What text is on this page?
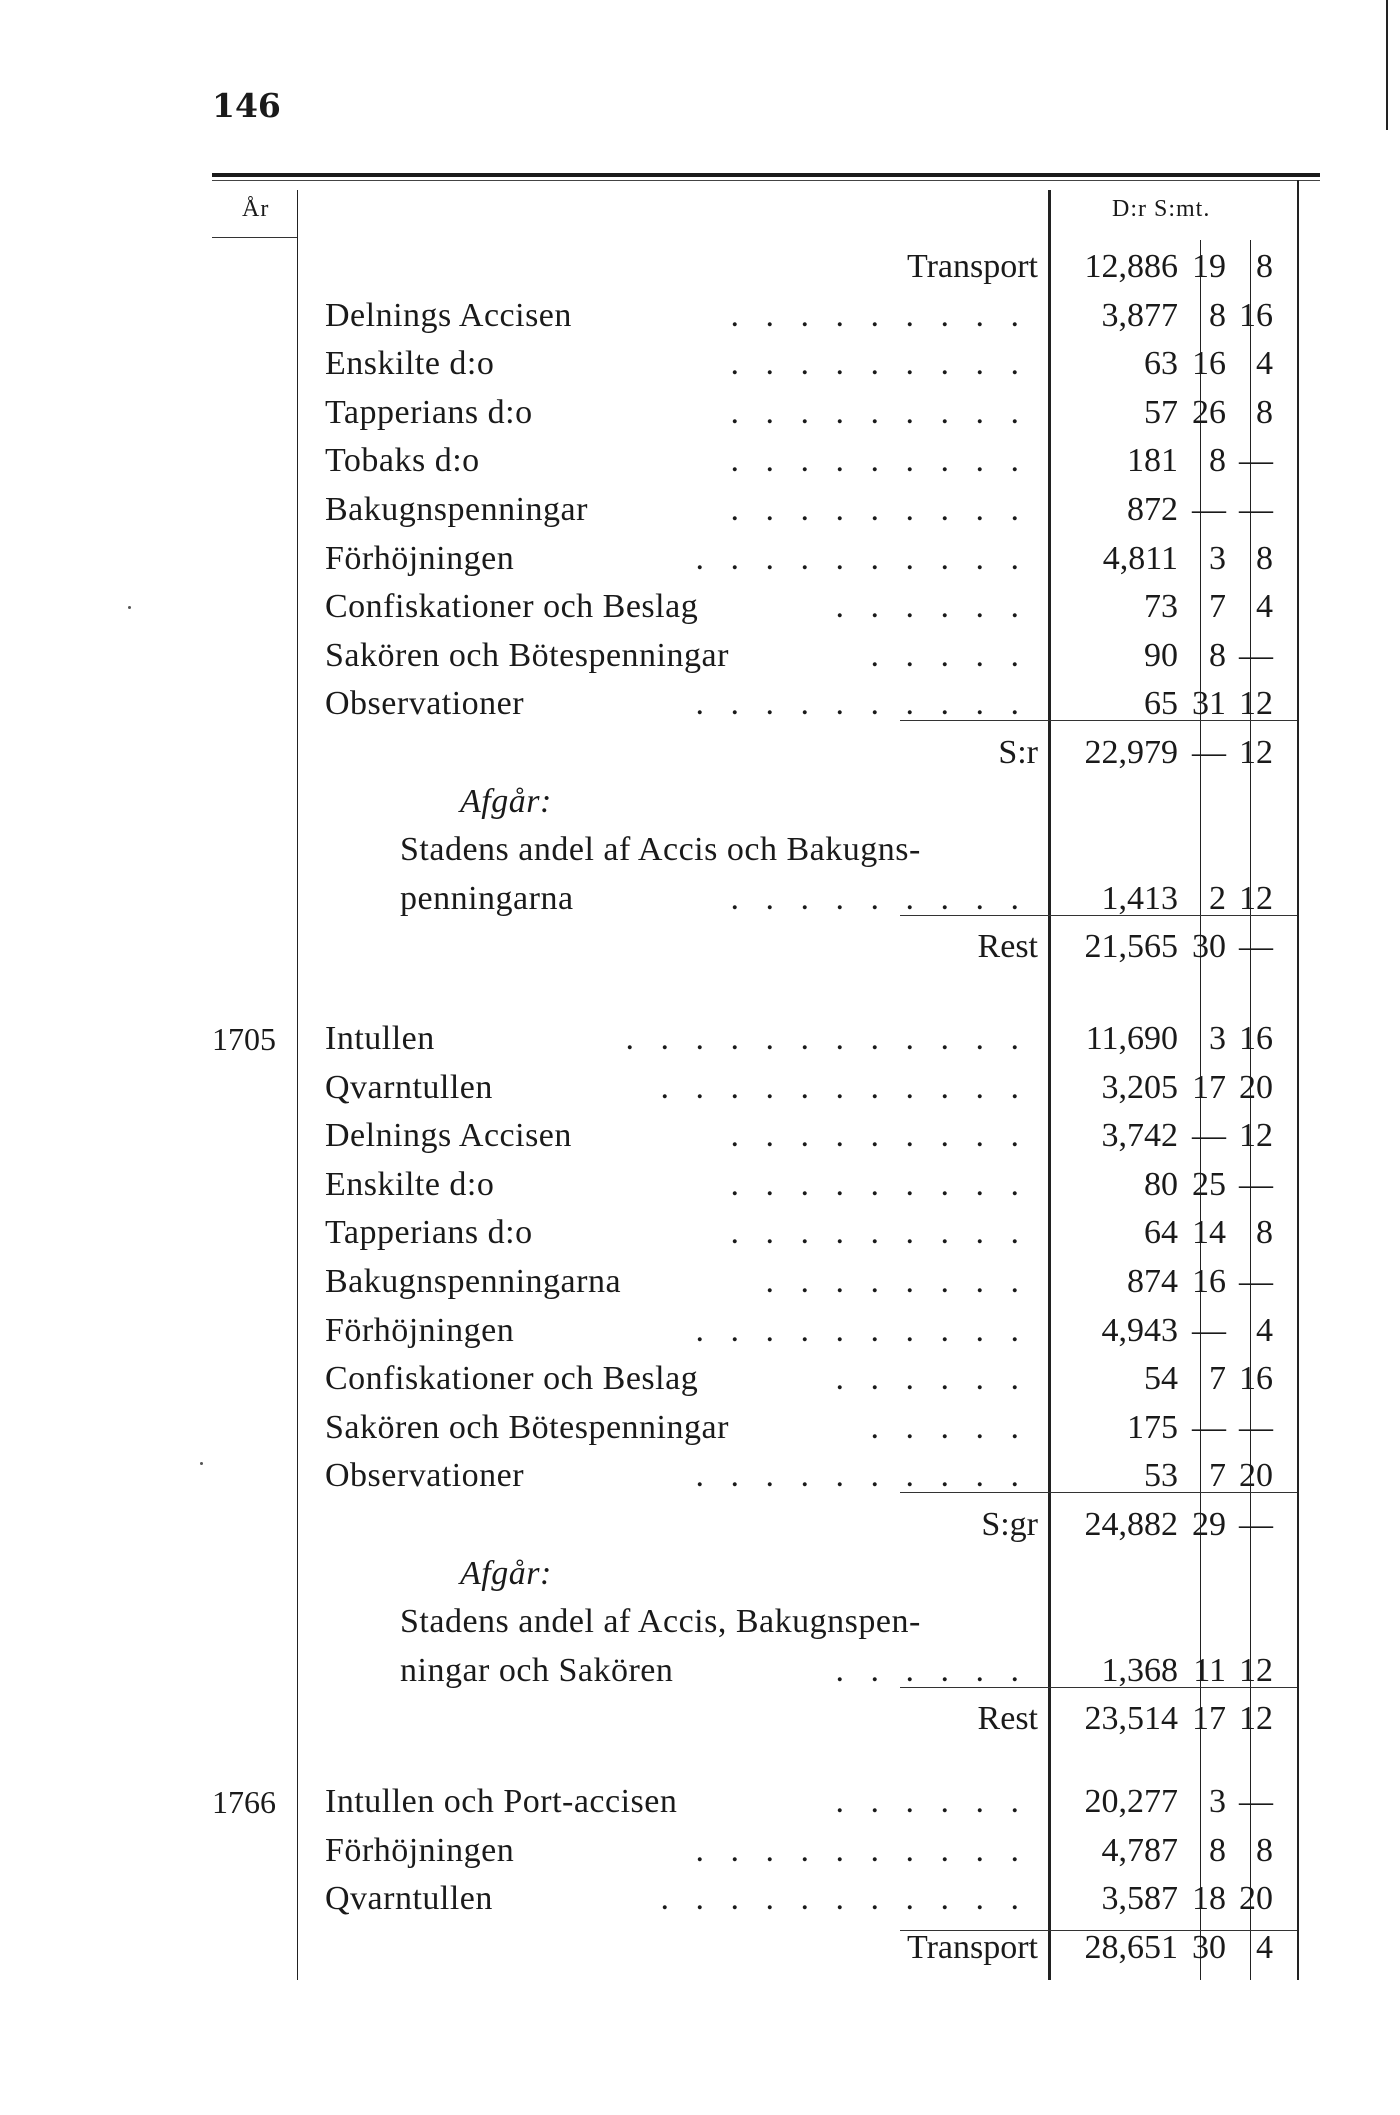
146
År	D:r S:mt.
Transport 12,886 19 8
Delnings Accisen	. . . . . . . . . 3,877 8 16
Enskilte d:o	. . . . . . . . .	63 16 4
Tapperians d:o	. . . . . . . . .	57 26 8
Tobaks d:o	. . . . . . . . .	181 8 —
Bakugnspenningar	. . . . . . . . .	872 — —
Förhöjningen	. . . . . . . . . . 4,811 3 8
Confiskationer och Beslag	. . . . . .	73 7 4
Sakören och Bötespenningar	. . . . .	90 8 —
Observationer	. . . . . . . . . .	65 31 12
S:r 22,979 — 12
Afgår:
Stadens andel af Accis och Bakugns-
penningarna	. . . . . . . . . 1,413 2 12
Rest 21,565 30 —
1705 Intullen	. . . . . . . . . . . . 11,690 3 16
Qvarntullen	. . . . . . . . . . . 3,205 17 20
Delnings Accisen	. . . . . . . . . 3,742 — 12
Enskilte d:o	. . . . . . . . .	80 25 —
Tapperians d:o	. . . . . . . . .	64 14 8
Bakugnspenningarna	. . . . . . . .	874 16 —
Förhöjningen	. . . . . . . . . . 4,943 — 4
Confiskationer och Beslag	. . . . . .	54 7 16
Sakören och Bötespenningar	. . . . .	175 — —
Observationer	. . . . . . . . . .	53 7 20
S:gr 24,882 29 —
Afgår:
Stadens andel af Accis, Bakugnspen-
ningar och Sakören	. . . . . . 1,368 11 12
Rest 23,514 17 12
1766 Intullen och Port-accisen	. . . . . . 20,277 3 —
Förhöjningen	. . . . . . . . . . 4,787 8 8
Qvarntullen	. . . . . . . . . . . 3,587 18 20
Transport 28,651 30 4
